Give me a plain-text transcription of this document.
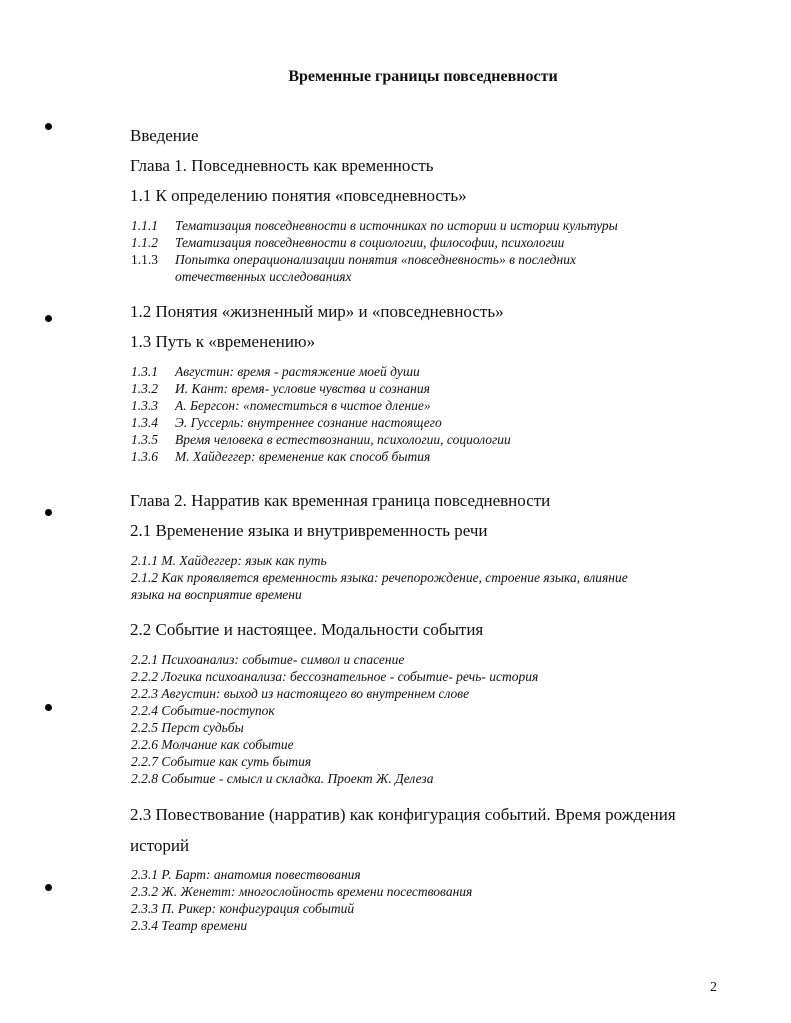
Временные границы повседневности
Введение
Глава 1. Повседневность как временность
1.1 К определению понятия «повседневность»
1.1.1 Тематизация повседневности в источниках по истории и истории культуры
1.1.2 Тематизация повседневности в социологии, философии, психологии
1.1.3 Попытка операционализации понятия «повседневность» в последних
отечественных исследованиях
1.2 Понятия «жизненный мир» и «повседневность»
1.3 Путь к «временению»
1.3.1 Августин: время - растяжение моей души
1.3.2 И. Кант: время- условие чувства и сознания
1.3.3 А. Бергсон: «поместиться в чистое дление»
1.3.4 Э. Гуссерль: внутреннее сознание настоящего
1.3.5 Время человека в естествознании, психологии, социологии
1.3.6 М. Хайдеггер: временение как способ бытия
Глава 2. Нарратив как временная граница повседневности
2.1 Временение языка и внутривременность речи
2.1.1 М. Хайдеггер: язык как путь
2.1.2 Как проявляется временность языка: речепорождение, строение языка, влияние
языка на восприятие времени
2.2 Событие и настоящее. Модальности события
2.2.1 Психоанализ: событие- символ и спасение
2.2.2 Логика психоанализа: бессознательное - событие- речь- история
2.2.3 Августин: выход из настоящего во внутреннем слове
2.2.4 Событие-поступок
2.2.5 Перст судьбы
2.2.6 Молчание как событие
2.2.7 Событие как суть бытия
2.2.8 Событие - смысл и складка. Проект Ж. Делеза
2.3 Повествование (нарратив) как конфигурация событий. Время рождения
историй
2.3.1 Р. Барт: анатомия повествования
2.3.2 Ж. Женетт: многослойность времени посествования
2.3.3 П. Рикер: конфигурация событий
2.3.4 Театр времени
2
